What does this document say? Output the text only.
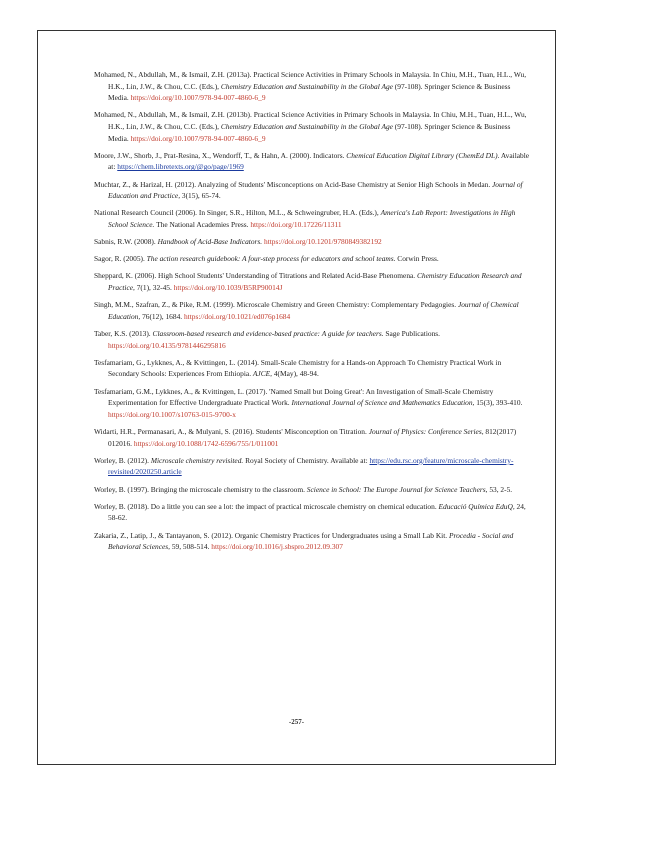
Mohamed, N., Abdullah, M., & Ismail, Z.H. (2013a). Practical Science Activities in Primary Schools in Malaysia. In Chiu, M.H., Tuan, H.L., Wu, H.K., Lin, J.W., & Chou, C.C. (Eds.), Chemistry Education and Sustainability in the Global Age (97-108). Springer Science & Business Media. https://doi.org/10.1007/978-94-007-4860-6_9
Mohamed, N., Abdullah, M., & Ismail, Z.H. (2013b). Practical Science Activities in Primary Schools in Malaysia. In Chiu, M.H., Tuan, H.L., Wu, H.K., Lin, J.W., & Chou, C.C. (Eds.), Chemistry Education and Sustainability in the Global Age (97-108). Springer Science & Business Media. https://doi.org/10.1007/978-94-007-4860-6_9
Moore, J.W., Shorb, J., Prat-Resina, X., Wendorff, T., & Hahn, A. (2000). Indicators. Chemical Education Digital Library (ChemEd DL). Available at: https://chem.libretexts.org/@go/page/1969
Muchtar, Z., & Harizal, H. (2012). Analyzing of Students' Misconceptions on Acid-Base Chemistry at Senior High Schools in Medan. Journal of Education and Practice, 3(15), 65-74.
National Research Council (2006). In Singer, S.R., Hilton, M.L., & Schweingruber, H.A. (Eds.), America's Lab Report: Investigations in High School Science. The National Academies Press. https://doi.org/10.17226/11311
Sabnis, R.W. (2008). Handbook of Acid-Base Indicators. https://doi.org/10.1201/9780849382192
Sagor, R. (2005). The action research guidebook: A four-step process for educators and school teams. Corwin Press.
Sheppard, K. (2006). High School Students' Understanding of Titrations and Related Acid-Base Phenomena. Chemistry Education Research and Practice, 7(1), 32-45. https://doi.org/10.1039/B5RP90014J
Singh, M.M., Szafran, Z., & Pike, R.M. (1999). Microscale Chemistry and Green Chemistry: Complementary Pedagogies. Journal of Chemical Education, 76(12), 1684. https://doi.org/10.1021/ed076p1684
Taber, K.S. (2013). Classroom-based research and evidence-based practice: A guide for teachers. Sage Publications. https://doi.org/10.4135/9781446295816
Tesfamariam, G., Lykknes, A., & Kvittingen, L. (2014). Small-Scale Chemistry for a Hands-on Approach To Chemistry Practical Work in Secondary Schools: Experiences From Ethiopia. AJCE, 4(May), 48-94.
Tesfamariam, G.M., Lykknes, A., & Kvittingen, L. (2017). 'Named Small but Doing Great': An Investigation of Small-Scale Chemistry Experimentation for Effective Undergraduate Practical Work. International Journal of Science and Mathematics Education, 15(3), 393-410. https://doi.org/10.1007/s10763-015-9700-x
Widarti, H.R., Permanasari, A., & Mulyani, S. (2016). Students' Misconception on Titration. Journal of Physics: Conference Series, 812(2017) 012016. https://doi.org/10.1088/1742-6596/755/1/011001
Worley, B. (2012). Microscale chemistry revisited. Royal Society of Chemistry. Available at: https://edu.rsc.org/feature/microscale-chemistry-revisited/2020250.article
Worley, B. (1997). Bringing the microscale chemistry to the classroom. Science in School: The Europe Journal for Science Teachers, 53, 2-5.
Worley, B. (2018). Do a little you can see a lot: the impact of practical microscale chemistry on chemical education. Educació Química EduQ, 24, 58-62.
Zakaria, Z., Latip, J., & Tantayanon, S. (2012). Organic Chemistry Practices for Undergraduates using a Small Lab Kit. Procedia - Social and Behavioral Sciences, 59, 508-514. https://doi.org/10.1016/j.sbspro.2012.09.307
-257-
